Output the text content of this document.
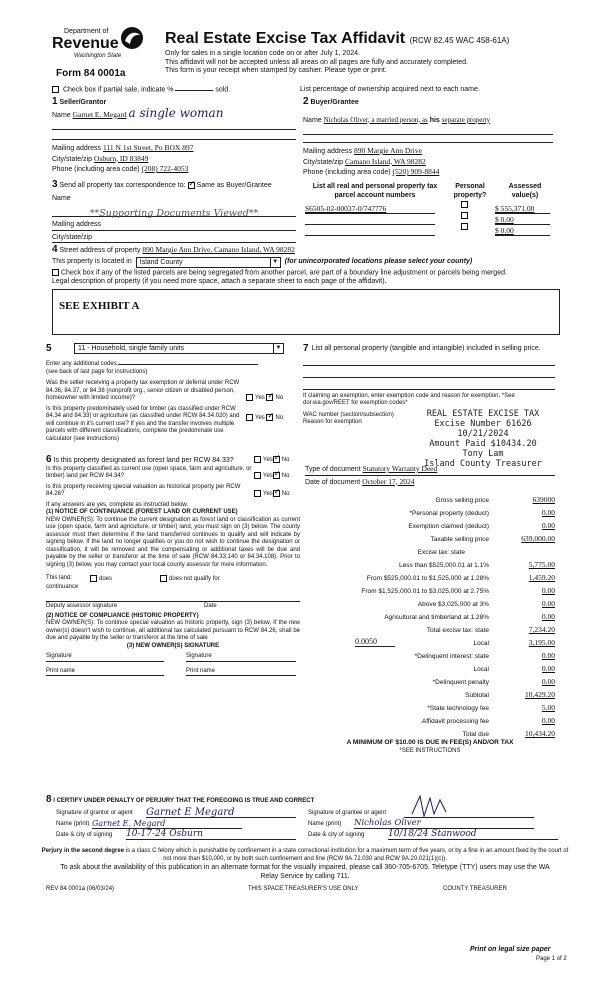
Department of
Revenue
Washington State
Form 84 0001a
Real Estate Excise Tax Affidavit (RCW 82.45 WAC 458-61A)
Only for sales in a single location code on or after July 1, 2024.
This affidavit will not be accepted unless all areas on all pages are fully and accurately completed.
This form is your receipt when stamped by cashier. Please type or print.
Check box if partial sale, indicate %	sold.	List percentage of ownership acquired next to each name.
1 Seller/Grantor
Name Garnet E. Megard a single woman
Mailing address 111 N 1st Street, Po BOX 897
City/state/zip Osburn, ID 83849
Phone (including area code) (208) 722-4053
2 Buyer/Grantee
Name Nicholas Oliver, a married person, as his separate property
Mailing address 890 Margie Ann Drive
City/state/zip Camano Island, WA 98282
Phone (including area code) (520) 909-8844
3 Send all property tax correspondence to: ✓ Same as Buyer/Grantee
Name
**Supporting Documents Viewed**
Mailing address
City/state/zip
List all real and personal property tax parcel account numbers
Personal property?
Assessed value(s)
S6505-02-00037-0/747776	$ 555,371.00
$ 0.00
$ 0.00
4 Street address of property 890 Margie Ann Drive, Camano Island, WA 98282
This property is located in	Island County	▼ (for unincorporated locations please select your county)
Check box if any of the listed parcels are being segregated from another parcel, are part of a boundary line adjustment or parcels being merged.
Legal description of property (if you need more space, attach a separate sheet to each page of the affidavit).
SEE EXHIBIT A
5	11 - Household, single family units	▼
Enter any additional codes
(see back of last page for instructions)
Was the seller receiving a property tax exemption or deferral under RCW 84.36, 84.37, or 84.38 (nonprofit org., senior citizen or disabled person, homeowner with limited income)?	Yes ✓ No
Is this property predominately used for timber (as classified under RCW 84.34 and 84.33) or agriculture (as classified under RCW 84.34.020) and will continue in it's current use? If yes and the transfer involves multiple parcels with different classifications, complete the predominate use calculator (see instructions)
Yes ✓ No
6 Is this property designated as forest land per RCW 84.33?	Yes ✓ No
Is this property classified as current use (open space, farm and agriculture, or timber) land per RCW 84.34?	Yes ✓ No
Is this property receiving special valuation as historical property per RCW 84.26?	Yes ✓ No
If any answers are yes, complete as instructed below.
(1) NOTICE OF CONTINUANCE (FOREST LAND OR CURRENT USE)
NEW OWNER(S): To continue the current designation as forest land or classification as current use (open space, farm and agriculture, or timber) land, you must sign on (3) below. The county assessor must then determine if the land transferred continues to qualify and will indicate by signing below. If the land no longer qualifies or you do not wish to continue the designation or classification, it will be removed and the compensating or additional taxes will be due and payable by the seller or transferor at the time of sale (RCW 84.33.140 or 84.34.108). Prior to signing (3) below, you may contact your local county assessor for more information.
This land:	does	does not qualify for
continuance
Deputy assessor signature	Date
(2) NOTICE OF COMPLIANCE (HISTORIC PROPERTY)
NEW OWNER(S): To continue special valuation as historic property, sign (3) below. If the new owner(s) doesn't wish to continue, all additional tax calculated pursuant to RCW 84.26, shall be due and payable by the seller or transferor at the time of sale
(3) NEW OWNER(S) SIGNATURE
Signature	Signature
Print name	Print name
7 List all personal property (tangible and intangible) included in selling price.
If claiming an exemption, enter exemption code and reason for exemption. *See dor.wa.gov/REET for exemption codes*
WAC number (section/subsection)
Reason for exemption
REAL ESTATE EXCISE TAX
Excise Number 61626
10/21/2024
Amount Paid $10434.20
Tony Lam
Island County Treasurer
Type of document Statutory Warranty Deed
Date of document October 17, 2024
Gross selling price	639000
*Personal property (deduct)	0.00
Exemption claimed (deduct)	0.00
Taxable selling price	639,000.00
Excise tax: state
Less than $525,000.01 at 1.1%	5,775.00
From $525,000.01 to $1,525,000 at 1.28%	1,459.20
From $1,525,000.01 to $3,025,000 at 2.75%	0.00
Above $3,025,000 at 3%	0.00
Agricultural and timberland at 1.28%	0.00
Total excise tax: state	7,234.20
0.0050	Local	3,195.00
*Delinquent interest: state	0.00
Local	0.00
*Delinquent penalty	0.00
Subtotal	10,429.20
*State technology fee	5.00
Affidavit processing fee	0.00
Total due	10,434.20
A MINIMUM OF $10.00 IS DUE IN FEE(S) AND/OR TAX
*SEE INSTRUCTIONS
8 I CERTIFY UNDER PENALTY OF PERJURY THAT THE FOREGOING IS TRUE AND CORRECT
Signature of grantor or agent	Garnet E Megard
Name (print) Garnet E. Megard
Date & city of signing	10-17-24 Osburn
Signature of grantee or agent
Name (print)	Nicholas Oliver
Date & city of signing	10/18/24 Stanwood
Perjury in the second degree is a class C felony which is punishable by confinement in a state correctional institution for a maximum term of five years, or by a fine in an amount fixed by the court of not more than $10,000, or by both such confinement and fine (RCW 9A.72.030 and RCW 9A.20.021(1)(c)).
To ask about the availability of this publication in an alternate format for the visually impaired, please call 360-705-6705. Teletype (TTY) users may use the WA Relay Service by calling 711.
REV 84 0001a (06/03/24)	THIS SPACE TREASURER'S USE ONLY	COUNTY TREASURER
Print on legal size paper
Page 1 of 2
